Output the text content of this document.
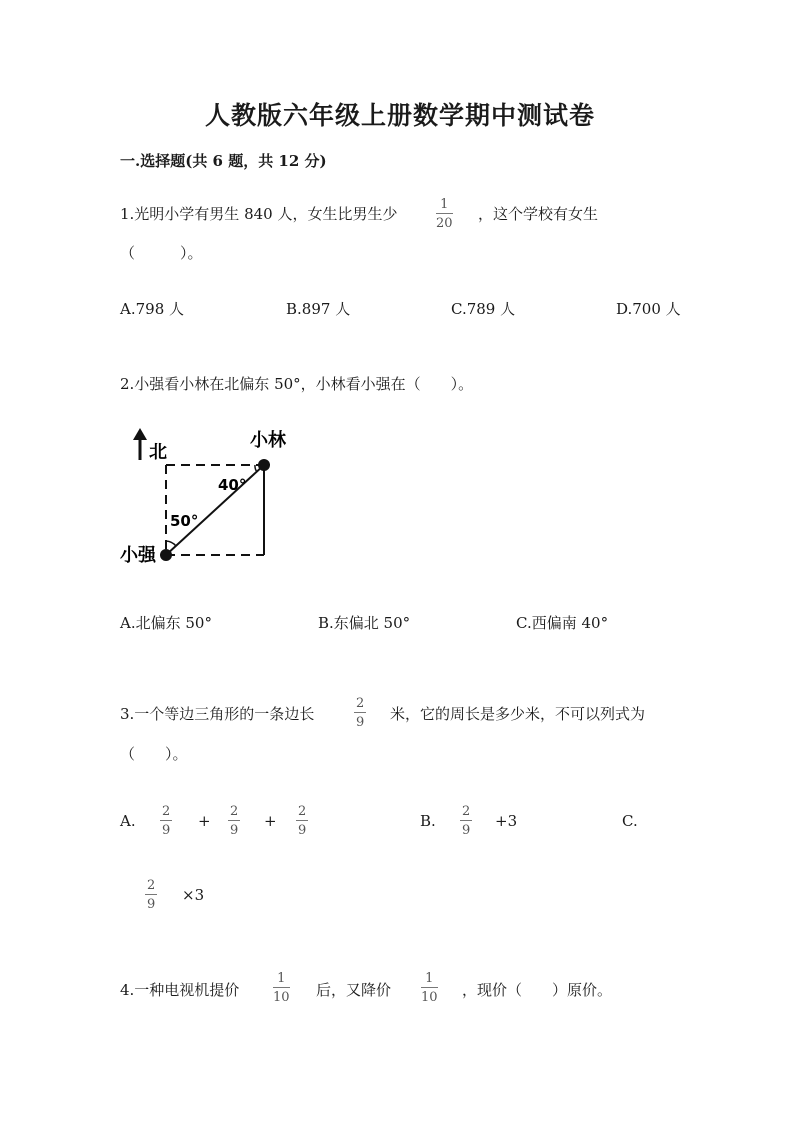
人教版六年级上册数学期中测试卷
一.选择题(共 6 题，共 12 分)
1.光明小学有男生 840 人，女生比男生少
1
20
，这个学校有女生
（　　　）。
A.798 人	B.897 人	C.789 人	D.700 人
2.小强看小林在北偏东 50°，小林看小强在（　　）。
北
小林
40°
50°
小强
A.北偏东 50°	B.东偏北 50°	C.西偏南 40°
3.一个等边三角形的一条边长
2
9 米，它的周长是多少米，不可以列式为
（　　）。
A.
2
9
+
2
9
+
2
9
B.
2
9
+3	C.
2
9
×3
4.一种电视机提价
1
10 后，又降价
1
10 ，现价（　　）原价。
